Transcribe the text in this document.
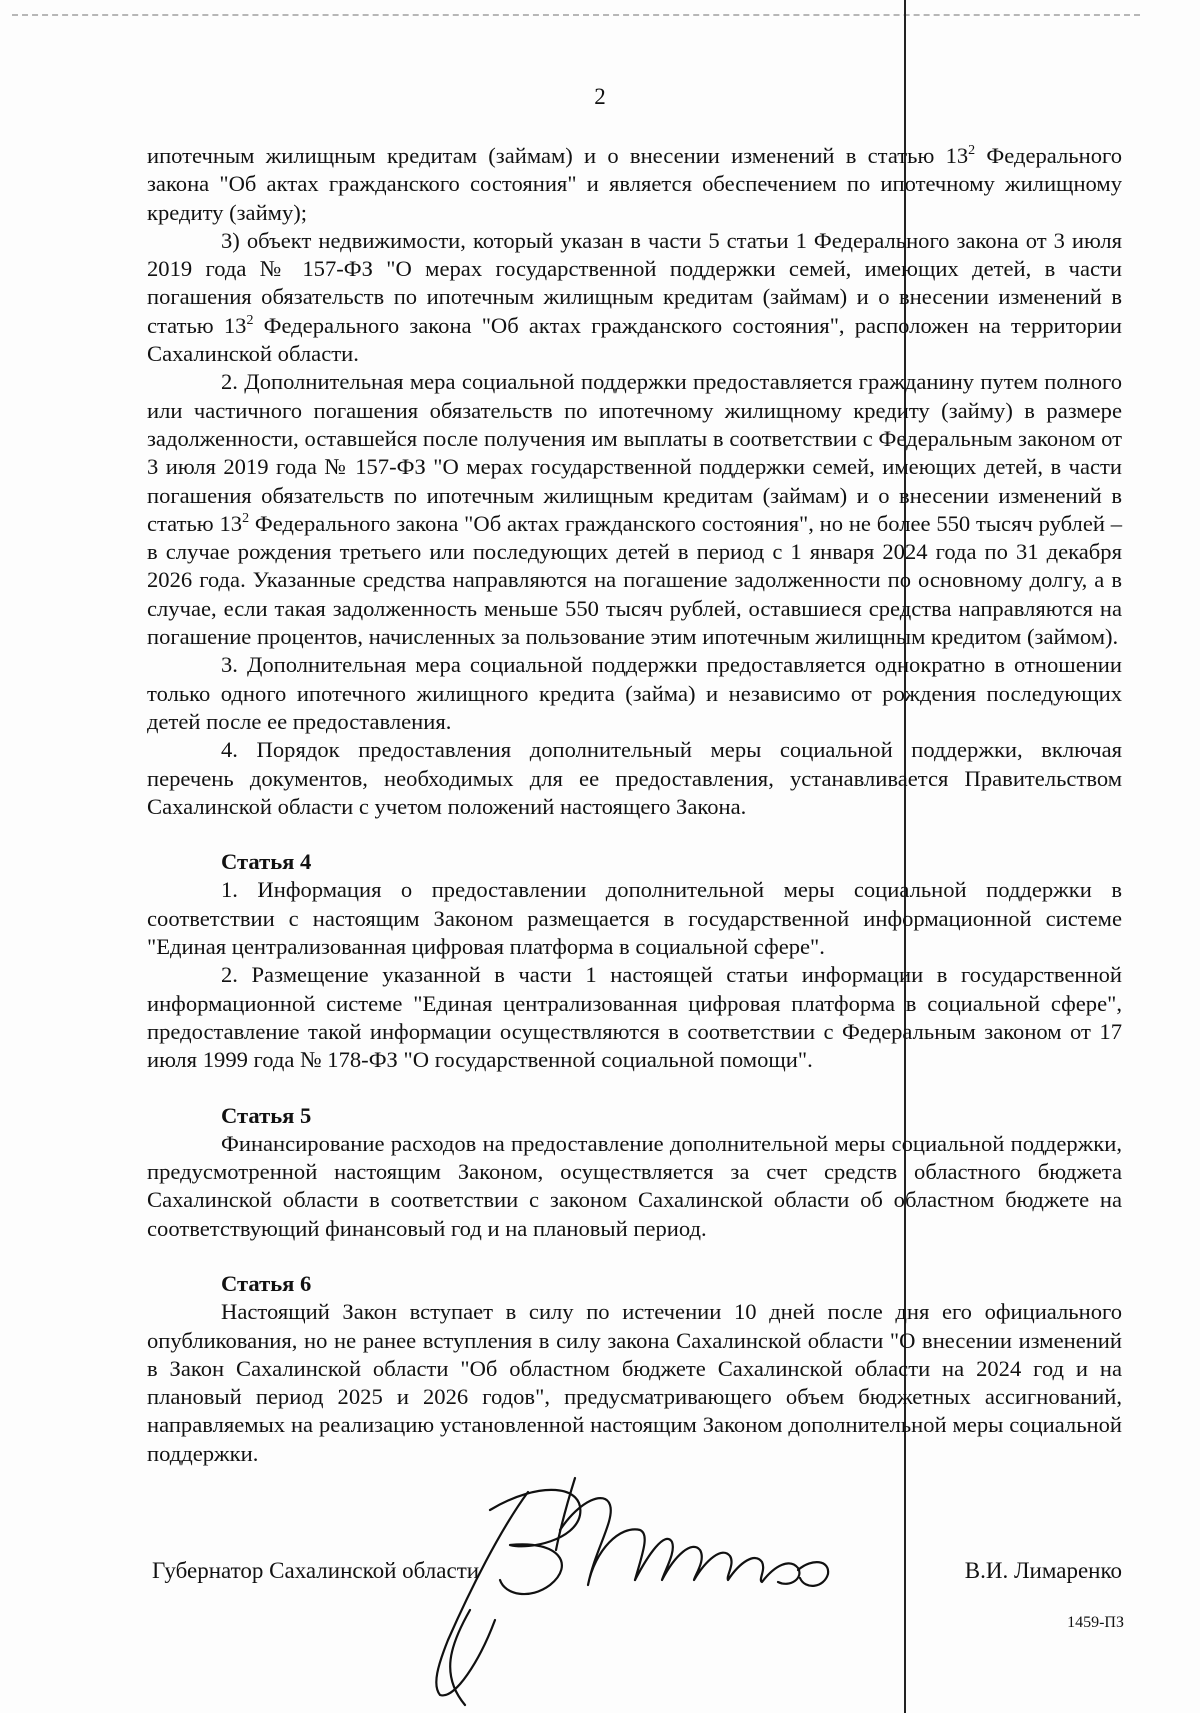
2

ипотечным жилищным кредитам (займам) и о внесении изменений в статью $13^2$ Федерального закона "Об актах гражданского состояния" и является обеспечением по ипотечному жилищному кредиту (займу);

3) объект недвижимости, который указан в части 5 статьи 1 Федерального закона от 3 июля 2019 года № 157-ФЗ "О мерах государственной поддержки семей, имеющих детей, в части погашения обязательств по ипотечным жилищным кредитам (займам) и о внесении изменений в статью $13^2$ Федерального закона "Об актах гражданского состояния", расположен на территории Сахалинской области.

2. Дополнительная мера социальной поддержки предоставляется гражданину путем полного или частичного погашения обязательств по ипотечному жилищному кредиту (займу) в размере задолженности, оставшейся после получения им выплаты в соответствии с Федеральным законом от 3 июля 2019 года № 157-ФЗ "О мерах государственной поддержки семей, имеющих детей, в части погашения обязательств по ипотечным жилищным кредитам (займам) и о внесении изменений в статью $13^2$ Федерального закона "Об актах гражданского состояния", но не более 550 тысяч рублей – в случае рождения третьего или последующих детей в период с 1 января 2024 года по 31 декабря 2026 года. Указанные средства направляются на погашение задолженности по основному долгу, а в случае, если такая задолженность меньше 550 тысяч рублей, оставшиеся средства направляются на погашение процентов, начисленных за пользование этим ипотечным жилищным кредитом (займом).

3. Дополнительная мера социальной поддержки предоставляется однократно в отношении только одного ипотечного жилищного кредита (займа) и независимо от рождения последующих детей после ее предоставления.

4. Порядок предоставления дополнительный меры социальной поддержки, включая перечень документов, необходимых для ее предоставления, устанавливается Правительством Сахалинской области с учетом положений настоящего Закона.

Статья 4

1. Информация о предоставлении дополнительной меры социальной поддержки в соответствии с настоящим Законом размещается в государственной информационной системе "Единая централизованная цифровая платформа в социальной сфере".

2. Размещение указанной в части 1 настоящей статьи информации в государственной информационной системе "Единая централизованная цифровая платформа в социальной сфере", предоставление такой информации осуществляются в соответствии с Федеральным законом от 17 июля 1999 года № 178-ФЗ "О государственной социальной помощи".

Статья 5

Финансирование расходов на предоставление дополнительной меры социальной поддержки, предусмотренной настоящим Законом, осуществляется за счет средств областного бюджета Сахалинской области в соответствии с законом Сахалинской области об областном бюджете на соответствующий финансовый год и на плановый период.

Статья 6

Настоящий Закон вступает в силу по истечении 10 дней после дня его официального опубликования, но не ранее вступления в силу закона Сахалинской области "О внесении изменений в Закон Сахалинской области "Об областном бюджете Сахалинской области на 2024 год и на плановый период 2025 и 2026 годов", предусматривающего объем бюджетных ассигнований, направляемых на реализацию установленной настоящим Законом дополнительной меры социальной поддержки.

Губернатор Сахалинской области	В.И. Лимаренко
1459-ПЗ
